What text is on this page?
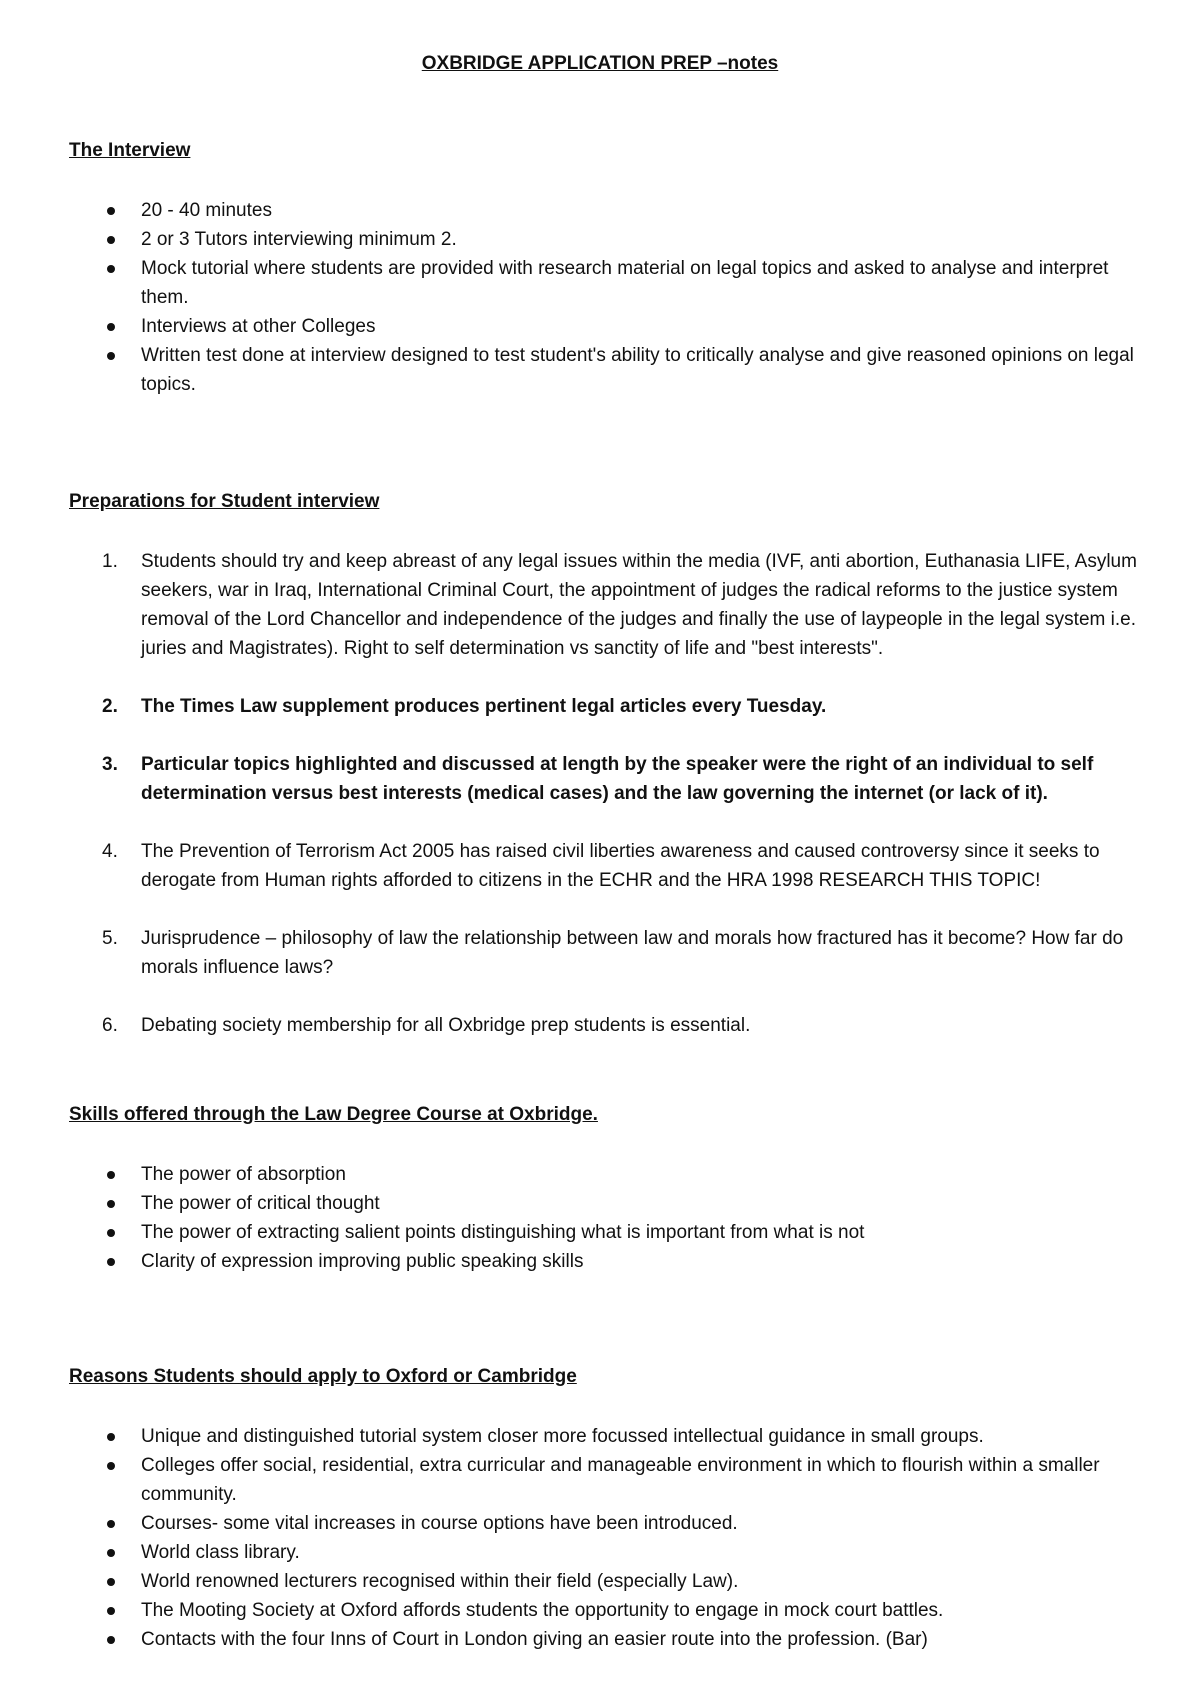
OXBRIDGE APPLICATION PREP –notes
The Interview
20 - 40 minutes
2 or 3 Tutors interviewing minimum 2.
Mock tutorial where students are provided with research material on legal topics and asked to analyse and interpret them.
Interviews at other Colleges
Written test done at interview designed to test student's ability to critically analyse and give reasoned opinions on legal topics.
Preparations for Student interview
1. Students should try and keep abreast of any legal issues within the media (IVF, anti abortion, Euthanasia LIFE, Asylum seekers, war in Iraq, International Criminal Court, the appointment of judges the radical reforms to the justice system removal of the Lord Chancellor and independence of the judges and finally the use of laypeople in the legal system i.e. juries and Magistrates). Right to self determination vs sanctity of life and "best interests".
2. The Times Law supplement produces pertinent legal articles every Tuesday.
3. Particular topics highlighted and discussed at length by the speaker were the right of an individual to self determination versus best interests (medical cases) and the law governing the internet (or lack of it).
4. The Prevention of Terrorism Act 2005 has raised civil liberties awareness and caused controversy since it seeks to derogate from Human rights afforded to citizens in the ECHR and the HRA 1998 RESEARCH THIS TOPIC!
5. Jurisprudence – philosophy of law the relationship between law and morals how fractured has it become? How far do morals influence laws?
6. Debating society membership for all Oxbridge prep students is essential.
Skills offered through the Law Degree Course at Oxbridge.
The power of absorption
The power of critical thought
The power of extracting salient points distinguishing what is important from what is not
Clarity of expression improving public speaking skills
Reasons Students should apply to Oxford or Cambridge
Unique and distinguished tutorial system closer more focussed intellectual guidance in small groups.
Colleges offer social, residential, extra curricular and manageable environment in which to flourish within a smaller community.
Courses- some vital increases in course options have been introduced.
World class library.
World renowned lecturers recognised within their field (especially Law).
The Mooting Society at Oxford affords students the opportunity to engage in mock court battles.
Contacts with the four Inns of Court in London giving an easier route into the profession. (Bar)
